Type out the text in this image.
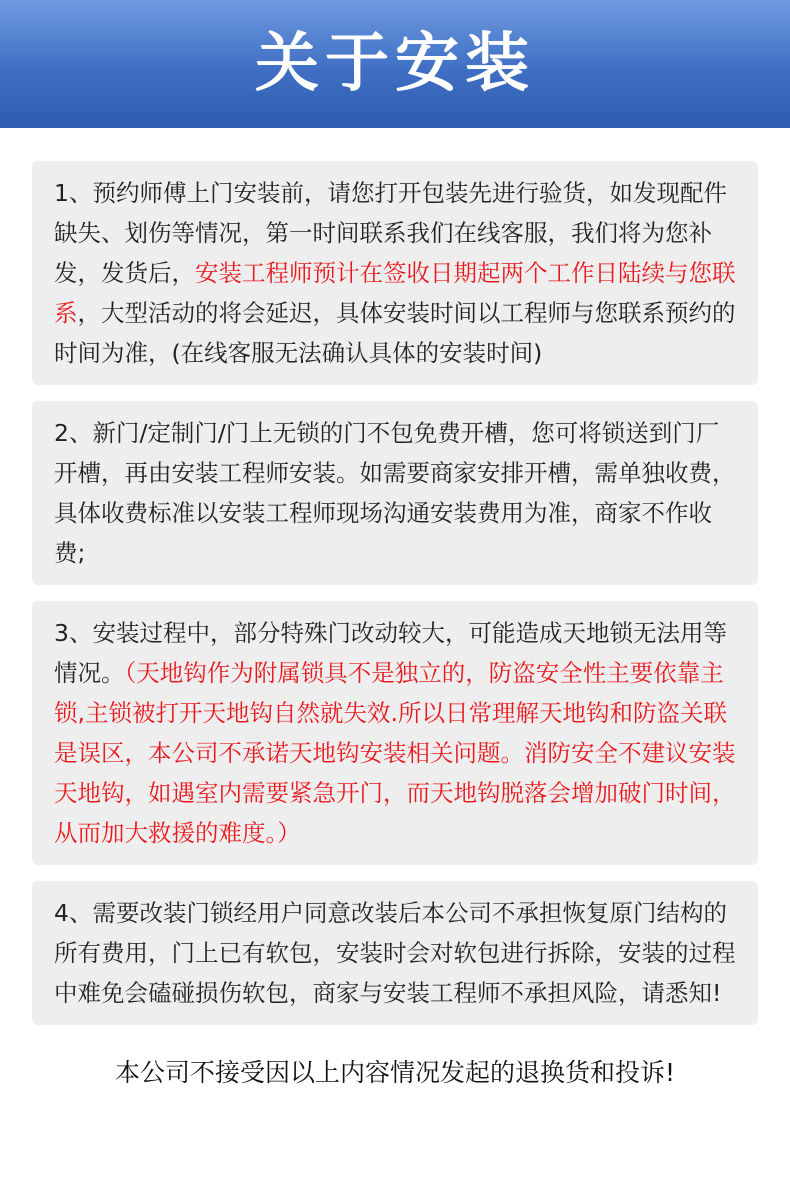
关于安装

1、预约师傅上门安装前，请您打开包装先进行验货，如发现配件缺失、划伤等情况，第一时间联系我们在线客服，我们将为您补发，发货后，安装工程师预计在签收日期起两个工作日陆续与您联系，大型活动的将会延迟，具体安装时间以工程师与您联系预约的时间为准，(在线客服无法确认具体的安装时间)

2、新门/定制门/门上无锁的门不包免费开槽，您可将锁送到门厂开槽，再由安装工程师安装。如需要商家安排开槽，需单独收费，具体收费标准以安装工程师现场沟通安装费用为准，商家不作收费;

3、安装过程中，部分特殊门改动较大，可能造成天地锁无法用等情况。（天地钩作为附属锁具不是独立的，防盗安全性主要依靠主锁,主锁被打开天地钩自然就失效.所以日常理解天地钩和防盗关联是误区，本公司不承诺天地钩安装相关问题。消防安全不建议安装天地钩，如遇室内需要紧急开门，而天地钩脱落会增加破门时间，从而加大救援的难度。）

4、需要改装门锁经用户同意改装后本公司不承担恢复原门结构的所有费用，门上已有软包，安装时会对软包进行拆除，安装的过程中难免会磕碰损伤软包，商家与安装工程师不承担风险，请悉知!

本公司不接受因以上内容情况发起的退换货和投诉!
